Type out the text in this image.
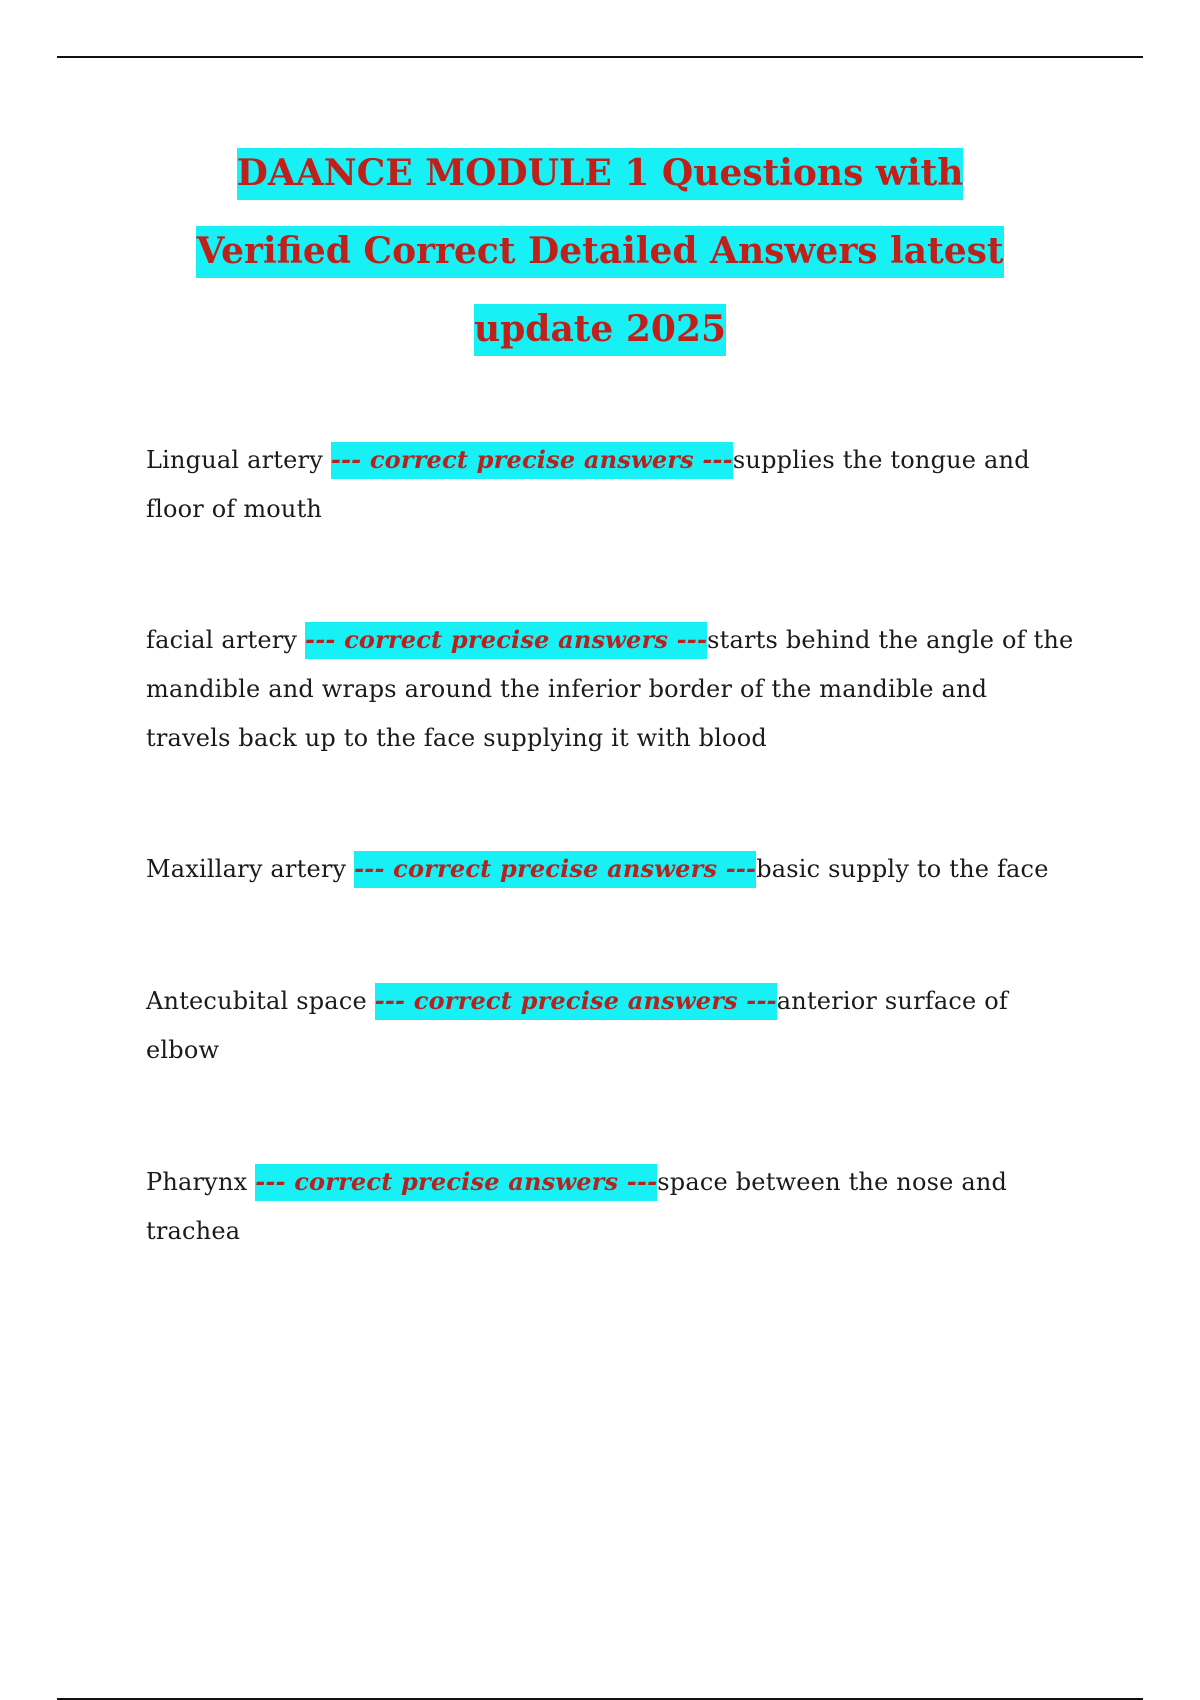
DAANCE MODULE 1 Questions with
Verified Correct Detailed Answers latest
update 2025

Lingual artery --- correct precise answers ---supplies the tongue and floor of mouth

facial artery --- correct precise answers ---starts behind the angle of the mandible and wraps around the inferior border of the mandible and travels back up to the face supplying it with blood

Maxillary artery --- correct precise answers ---basic supply to the face

Antecubital space --- correct precise answers ---anterior surface of elbow

Pharynx --- correct precise answers ---space between the nose and trachea
